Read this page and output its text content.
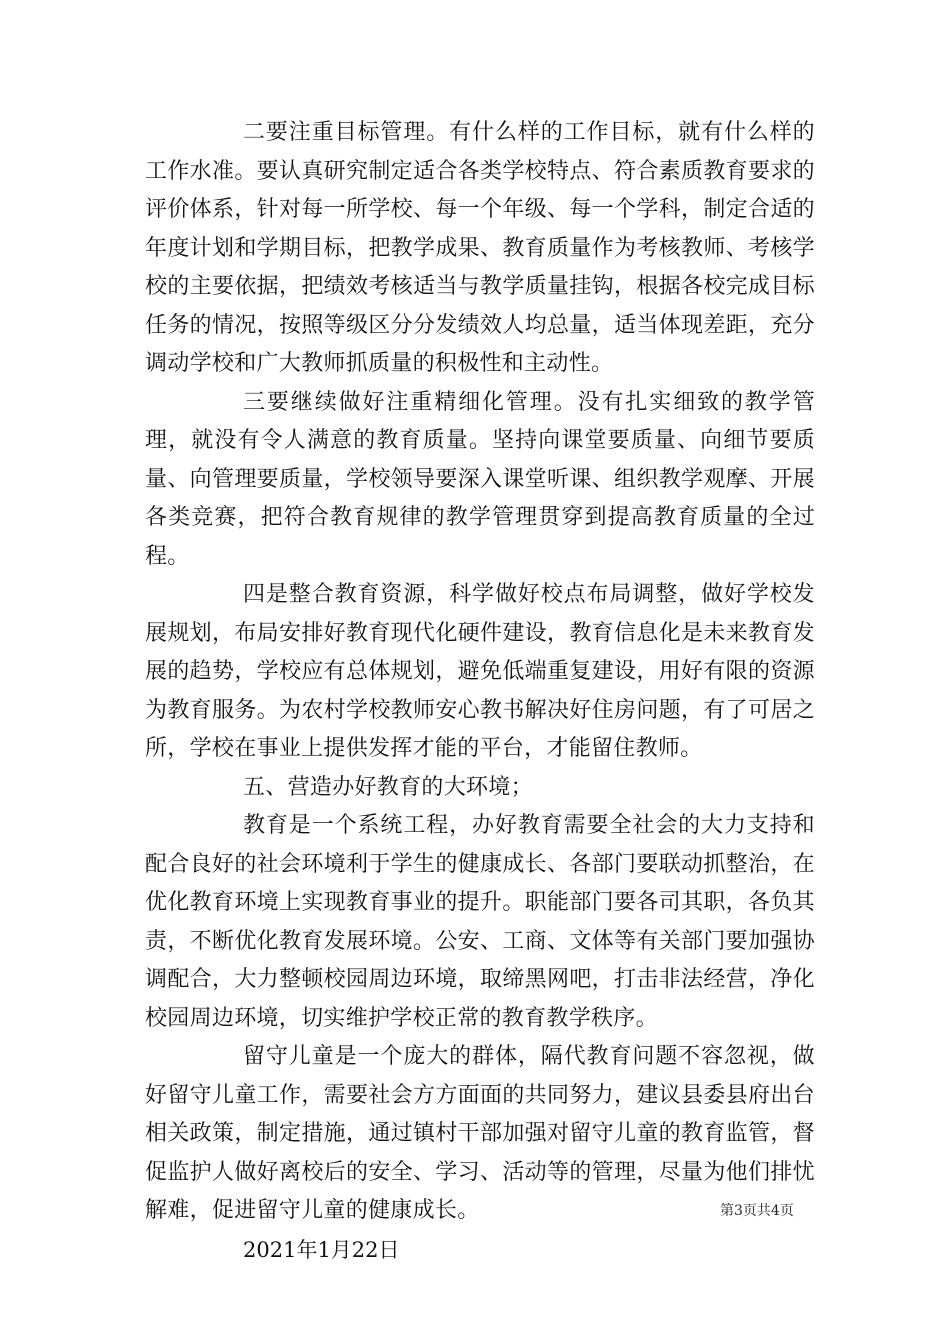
二要注重目标管理。有什么样的工作目标，就有什么样的工作水准。要认真研究制定适合各类学校特点、符合素质教育要求的评价体系，针对每一所学校、每一个年级、每一个学科，制定合适的年度计划和学期目标，把教学成果、教育质量作为考核教师、考核学校的主要依据，把绩效考核适当与教学质量挂钩，根据各校完成目标任务的情况，按照等级区分分发绩效人均总量，适当体现差距，充分调动学校和广大教师抓质量的积极性和主动性。

三要继续做好注重精细化管理。没有扎实细致的教学管理，就没有令人满意的教育质量。坚持向课堂要质量、向细节要质量、向管理要质量，学校领导要深入课堂听课、组织教学观摩、开展各类竞赛，把符合教育规律的教学管理贯穿到提高教育质量的全过程。

四是整合教育资源，科学做好校点布局调整，做好学校发展规划，布局安排好教育现代化硬件建设，教育信息化是未来教育发展的趋势，学校应有总体规划，避免低端重复建设，用好有限的资源为教育服务。为农村学校教师安心教书解决好住房问题，有了可居之所，学校在事业上提供发挥才能的平台，才能留住教师。

五、营造办好教育的大环境；

教育是一个系统工程，办好教育需要全社会的大力支持和配合良好的社会环境利于学生的健康成长、各部门要联动抓整治，在优化教育环境上实现教育事业的提升。职能部门要各司其职，各负其责，不断优化教育发展环境。公安、工商、文体等有关部门要加强协调配合，大力整顿校园周边环境，取缔黑网吧，打击非法经营，净化校园周边环境，切实维护学校正常的教育教学秩序。

留守儿童是一个庞大的群体，隔代教育问题不容忽视，做好留守儿童工作，需要社会方方面面的共同努力，建议县委县府出台相关政策，制定措施，通过镇村干部加强对留守儿童的教育监管，督促监护人做好离校后的安全、学习、活动等的管理，尽量为他们排忧解难，促进留守儿童的健康成长。

2021年1月22日

第3页共4页
